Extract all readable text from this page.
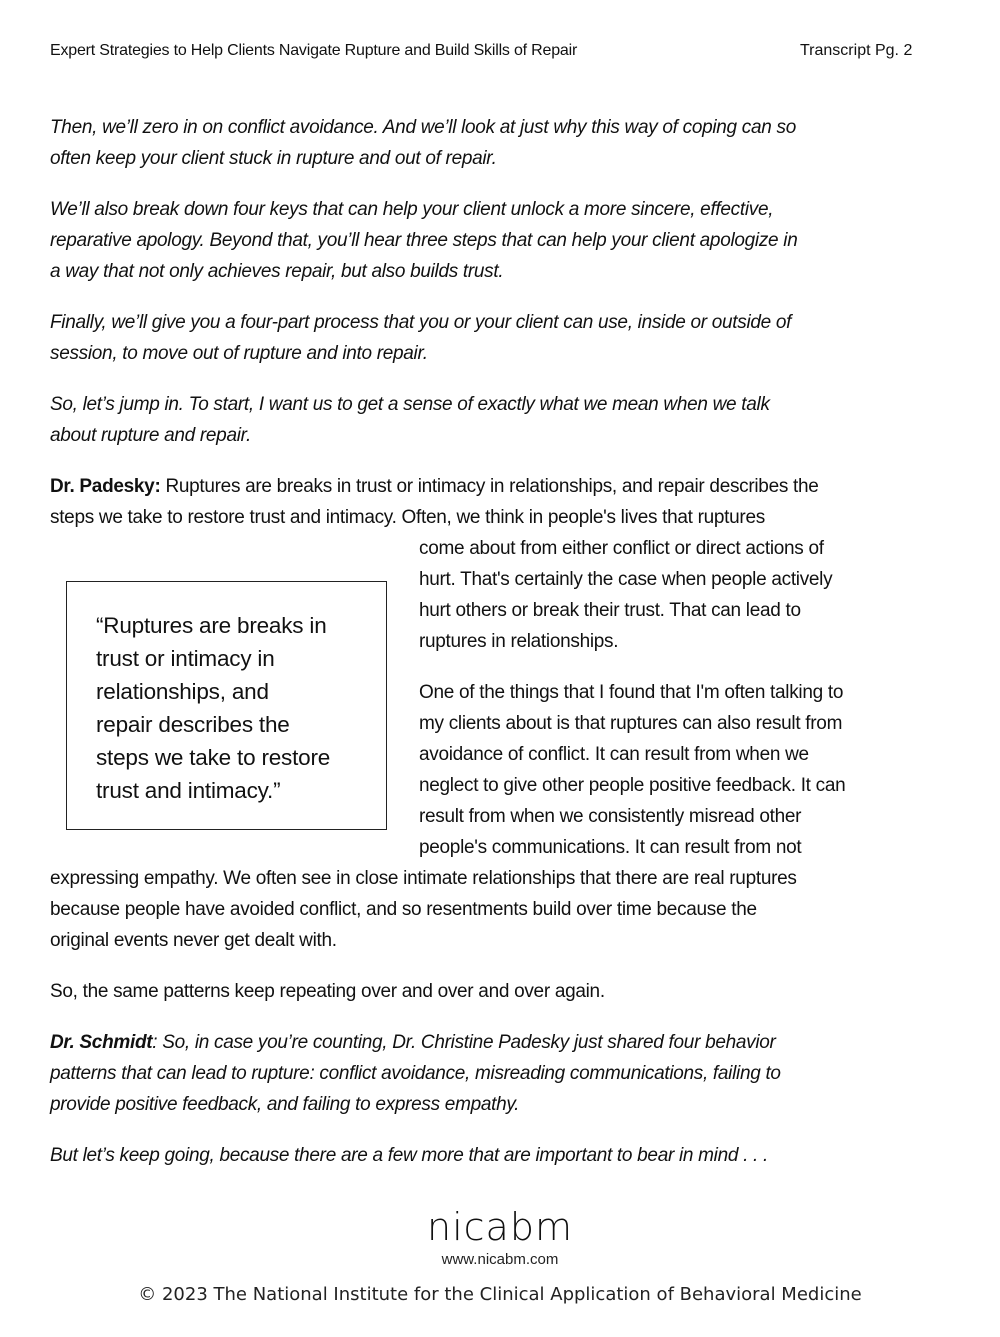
Expert Strategies to Help Clients Navigate Rupture and Build Skills of Repair	Transcript Pg. 2
Then, we’ll zero in on conflict avoidance. And we’ll look at just why this way of coping can so
often keep your client stuck in rupture and out of repair.
We’ll also break down four keys that can help your client unlock a more sincere, effective,
reparative apology. Beyond that, you’ll hear three steps that can help your client apologize in
a way that not only achieves repair, but also builds trust.
Finally, we’ll give you a four-part process that you or your client can use, inside or outside of
session, to move out of rupture and into repair.
So, let’s jump in. To start, I want us to get a sense of exactly what we mean when we talk
about rupture and repair.
Dr. Padesky: Ruptures are breaks in trust or intimacy in relationships, and repair describes the
steps we take to restore trust and intimacy. Often, we think in people's lives that ruptures
come about from either conflict or direct actions of
hurt. That's certainly the case when people actively
hurt others or break their trust. That can lead to
ruptures in relationships.
One of the things that I found that I'm often talking to
my clients about is that ruptures can also result from
avoidance of conflict. It can result from when we
neglect to give other people positive feedback. It can
result from when we consistently misread other
people's communications. It can result from not
expressing empathy. We often see in close intimate relationships that there are real ruptures
because people have avoided conflict, and so resentments build over time because the
original events never get dealt with.
So, the same patterns keep repeating over and over and over again.
“Ruptures are breaks in
trust or intimacy in
relationships, and
repair describes the
steps we take to restore
trust and intimacy.”
Dr. Schmidt: So, in case you’re counting, Dr. Christine Padesky just shared four behavior
patterns that can lead to rupture: conflict avoidance, misreading communications, failing to
provide positive feedback, and failing to express empathy.
But let’s keep going, because there are a few more that are important to bear in mind . . .
nicabm
www.nicabm.com
© 2023 The National Institute for the Clinical Application of Behavioral Medicine
